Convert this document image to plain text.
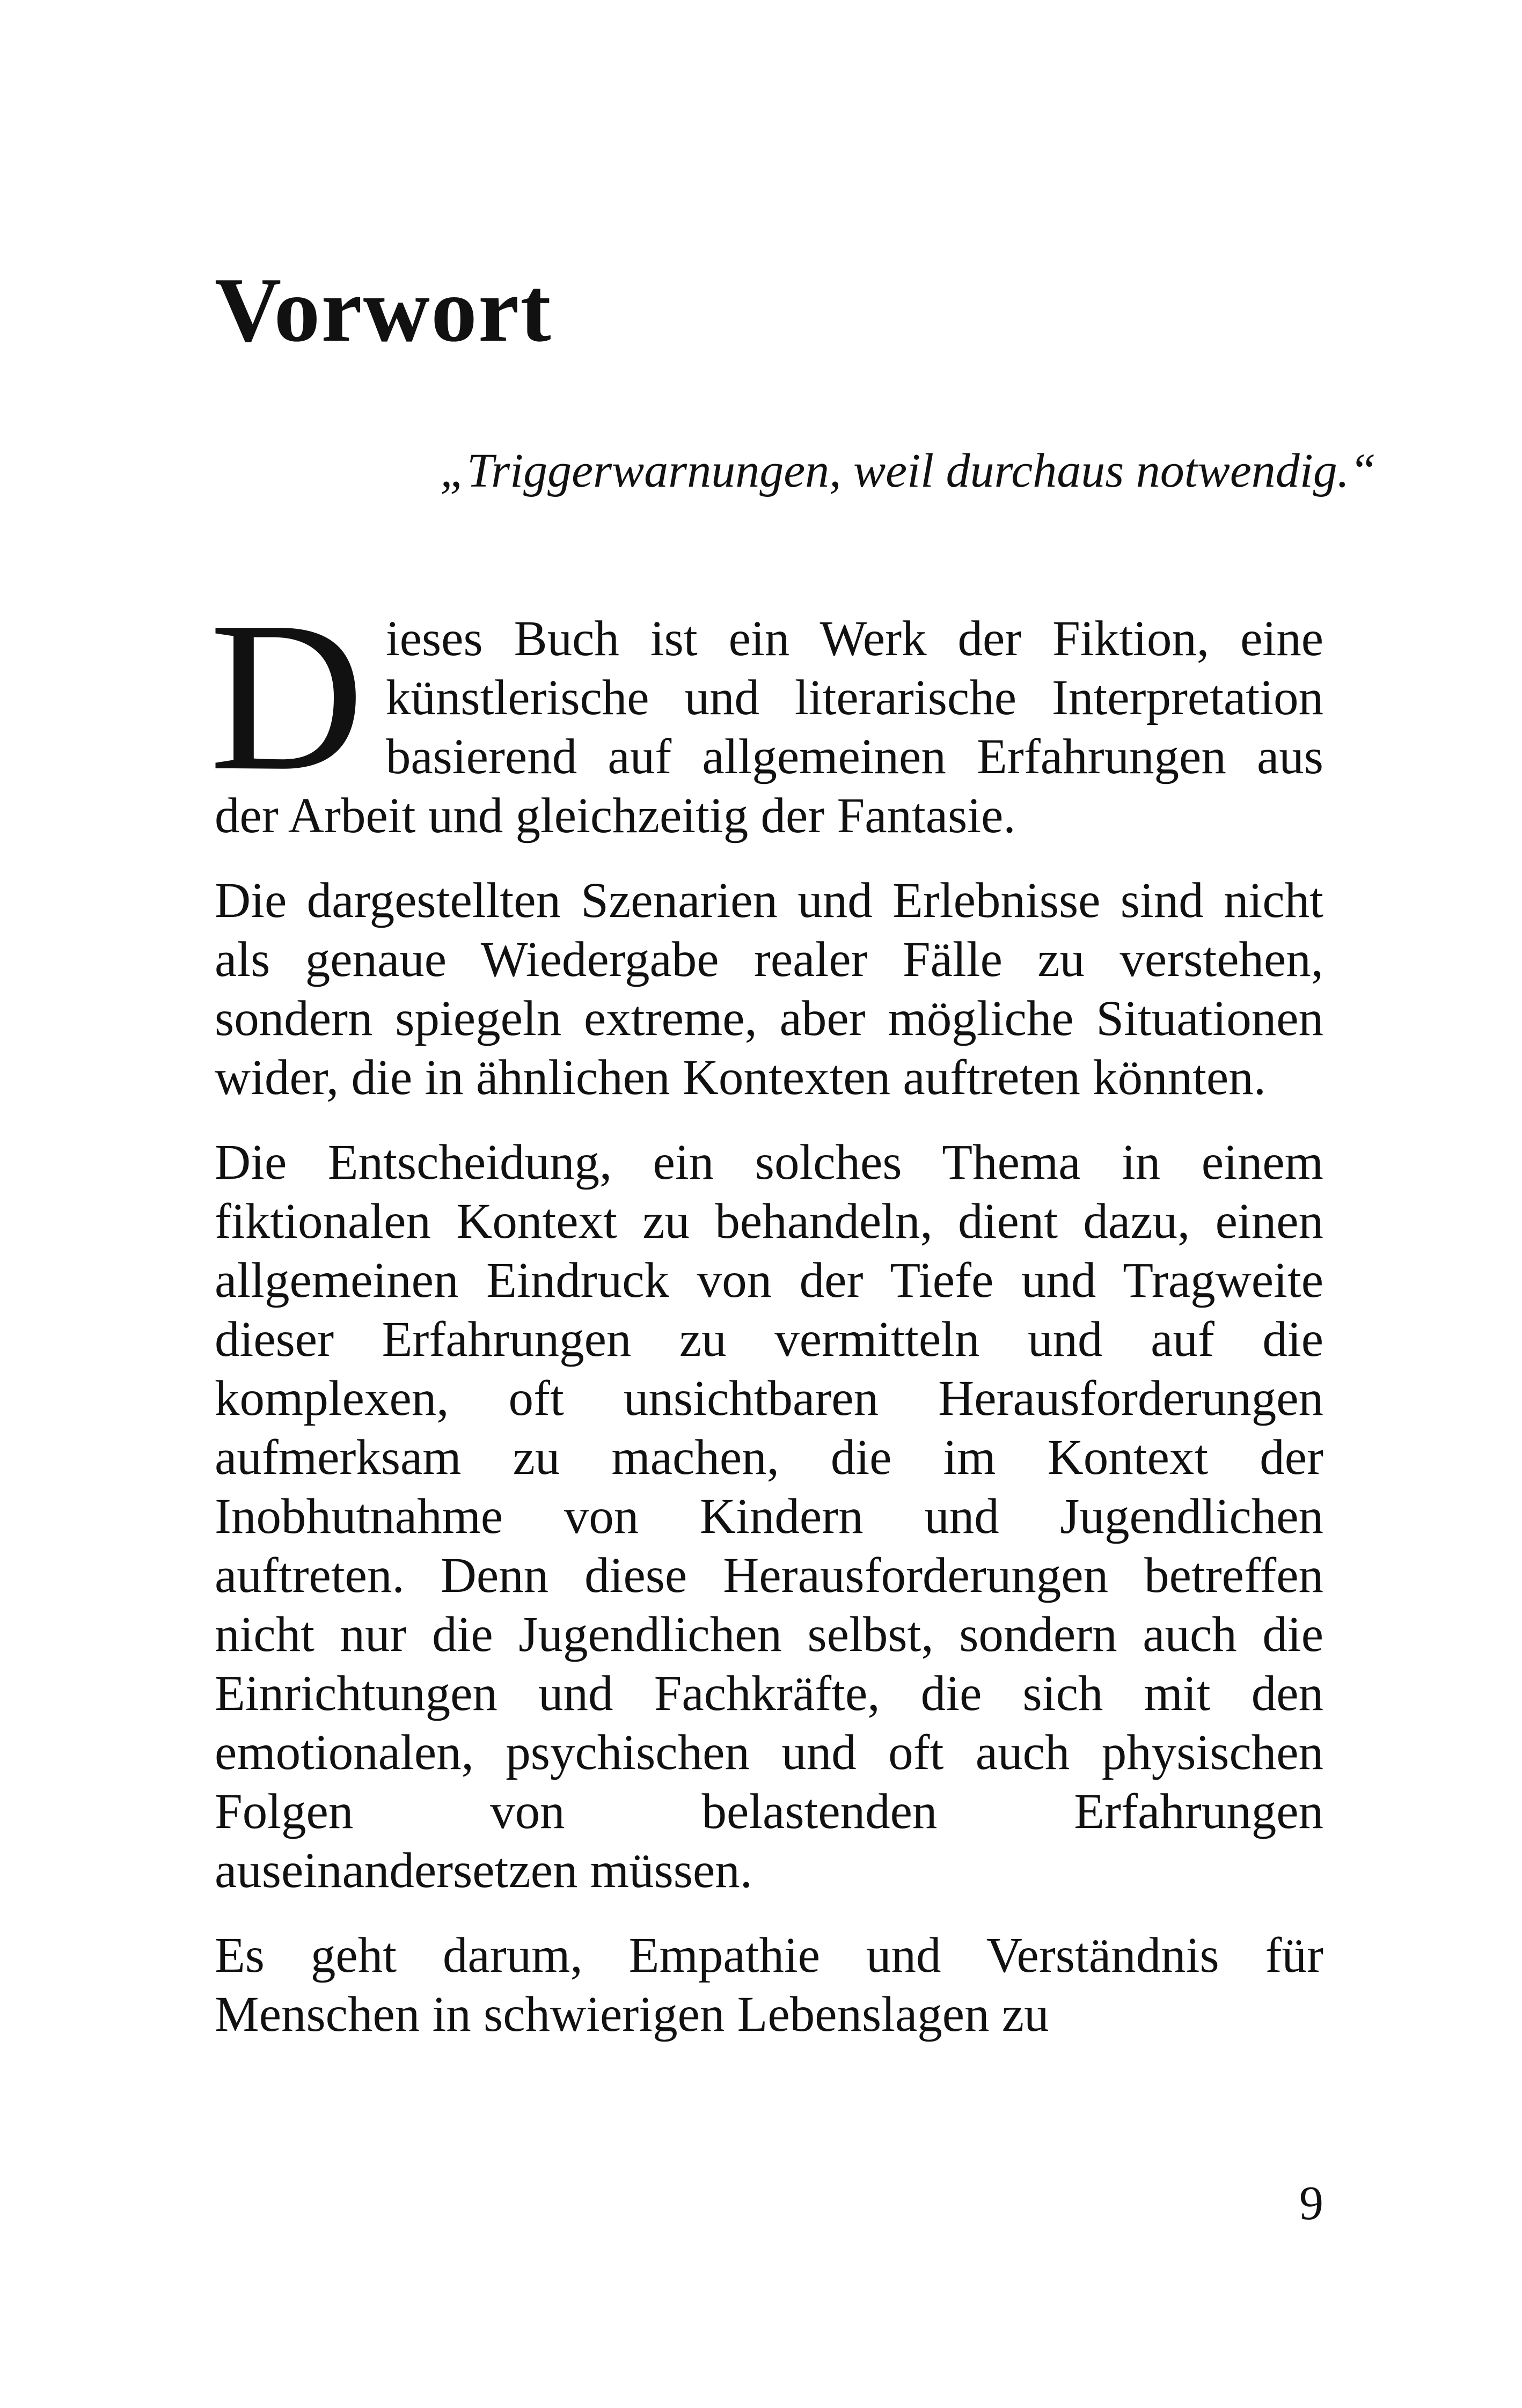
Vorwort
„Triggerwarnungen, weil durchaus notwendig.“

Dieses Buch ist ein Werk der Fiktion, eine künstlerische und literarische Interpretation basierend auf allgemeinen Erfahrungen aus der Arbeit und gleichzeitig der Fantasie.

Die dargestellten Szenarien und Erlebnisse sind nicht als genaue Wiedergabe realer Fälle zu verstehen, sondern spiegeln extreme, aber mögliche Situationen wider, die in ähnlichen Kontexten auftreten könnten.

Die Entscheidung, ein solches Thema in einem fiktionalen Kontext zu behandeln, dient dazu, einen allgemeinen Eindruck von der Tiefe und Tragweite dieser Erfahrungen zu vermitteln und auf die komplexen, oft unsichtbaren Herausforderungen aufmerksam zu machen, die im Kontext der Inobhutnahme von Kindern und Jugendlichen auftreten. Denn diese Herausforderungen betreffen nicht nur die Jugendlichen selbst, sondern auch die Einrichtungen und Fachkräfte, die sich mit den emotionalen, psychischen und oft auch physischen Folgen von belastenden Erfahrungen auseinandersetzen müssen.

Es geht darum, Empathie und Verständnis für Menschen in schwierigen Lebenslagen zu

9
